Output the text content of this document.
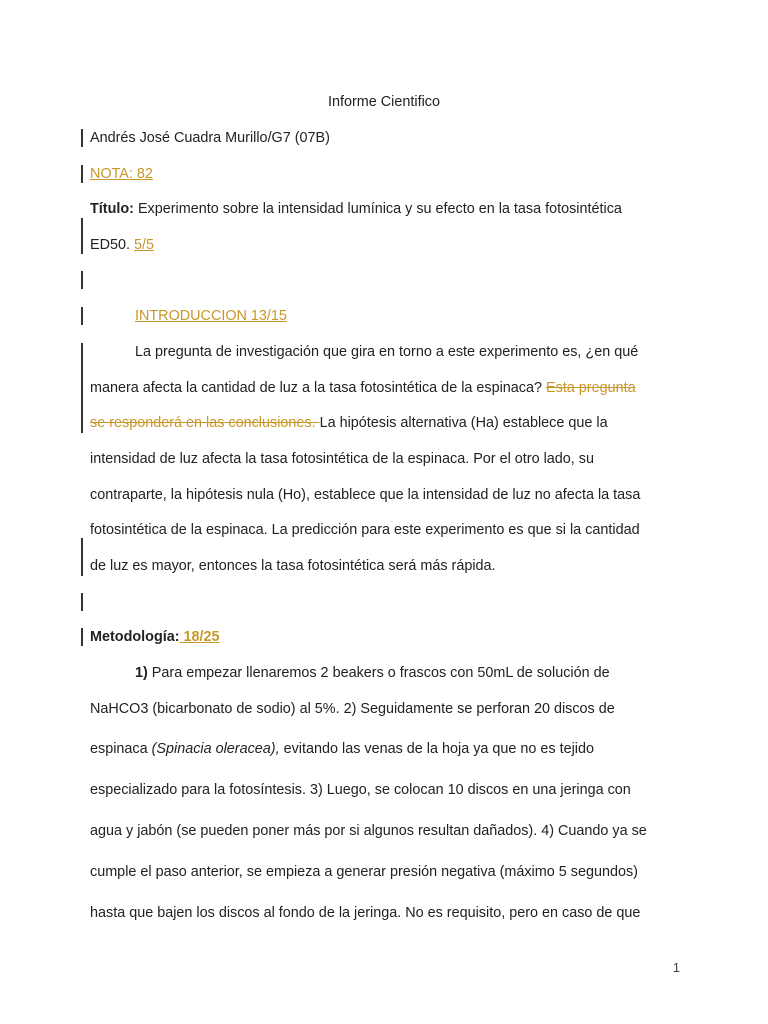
Informe Cientifico
Andrés José Cuadra Murillo/G7 (07B)
NOTA: 82
Título: Experimento sobre la intensidad lumínica y su efecto en la tasa fotosintética
ED50. 5/5
INTRODUCCION 13/15
La pregunta de investigación que gira en torno a este experimento es, ¿en qué
manera afecta la cantidad de luz a la tasa fotosintética de la espinaca? Esta pregunta
se responderá en las conclusiones. La hipótesis alternativa (Ha) establece que la
intensidad de luz afecta la tasa fotosintética de la espinaca. Por el otro lado, su
contraparte, la hipótesis nula (Ho), establece que la intensidad de luz no afecta la tasa
fotosintética de la espinaca. La predicción para este experimento es que si la cantidad
de luz es mayor, entonces la tasa fotosintética será más rápida.
Metodología: 18/25
1) Para empezar llenaremos 2 beakers o frascos con 50mL de solución de
NaHCO3 (bicarbonato de sodio) al 5%. 2) Seguidamente se perforan 20 discos de
espinaca (Spinacia oleracea), evitando las venas de la hoja ya que no es tejido
especializado para la fotosíntesis. 3) Luego, se colocan 10 discos en una jeringa con
agua y jabón (se pueden poner más por si algunos resultan dañados). 4) Cuando ya se
cumple el paso anterior, se empieza a generar presión negativa (máximo 5 segundos)
hasta que bajen los discos al fondo de la jeringa. No es requisito, pero en caso de que
1
